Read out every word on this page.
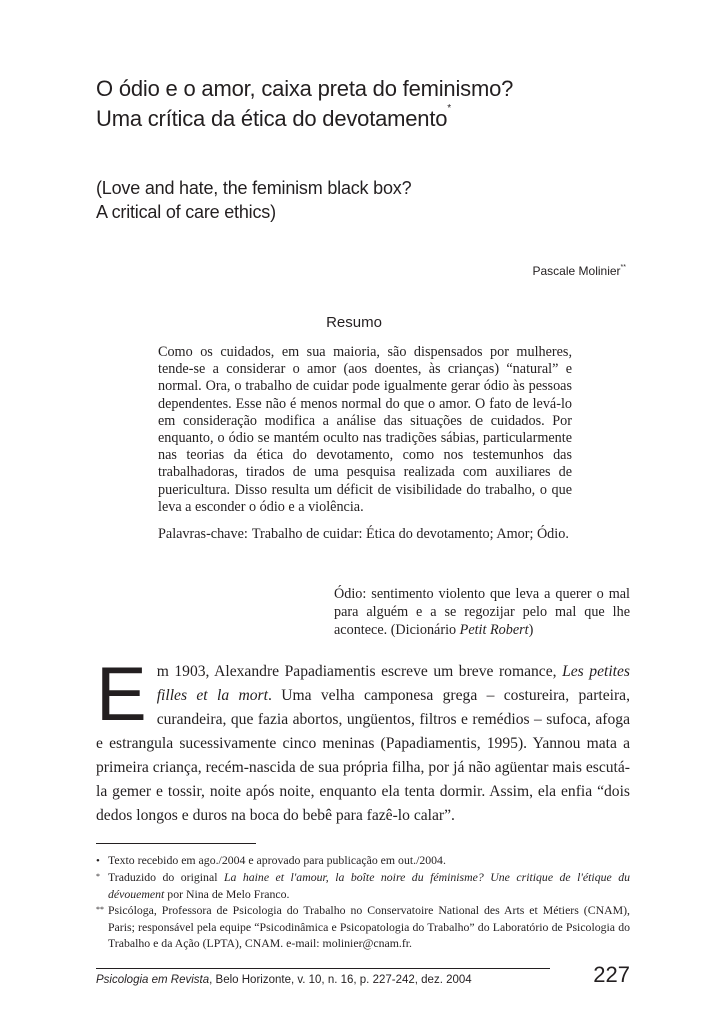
O ódio e o amor, caixa preta do feminismo?
Uma crítica da ética do devotamento*
(Love and hate, the feminism black box?
A critical of care ethics)
Pascale Molinier**
Resumo

Como os cuidados, em sua maioria, são dispensados por mulheres, tende-se a considerar o amor (aos doentes, às crianças) “natural” e normal. Ora, o trabalho de cuidar pode igualmente gerar ódio às pessoas dependentes. Esse não é menos normal do que o amor. O fato de levá-lo em consideração modifica a análise das situações de cuidados. Por enquanto, o ódio se mantém oculto nas tradições sábias, particularmente nas teorias da ética do devotamento, como nos testemunhos das trabalhadoras, tirados de uma pesquisa realizada com auxiliares de puericultura. Disso resulta um déficit de visibilidade do trabalho, o que leva a esconder o ódio e a violência.

Palavras-chave: Trabalho de cuidar: Ética do devotamento; Amor; Ódio.

Ódio: sentimento violento que leva a querer o mal para alguém e a se regozijar pelo mal que lhe acontece. (Dicionário Petit Robert)

Em 1903, Alexandre Papadiamentis escreve um breve romance, Les petites filles et la mort. Uma velha camponesa grega – costureira, parteira, curandeira, que fazia abortos, ungüentos, filtros e remédios – sufoca, afoga e estrangula sucessivamente cinco meninas (Papadiamentis, 1995). Yannou mata a primeira criança, recém-nascida de sua própria filha, por já não agüentar mais escutá-la gemer e tossir, noite após noite, enquanto ela tenta dormir. Assim, ela enfia “dois dedos longos e duros na boca do bebê para fazê-lo calar”.

• Texto recebido em ago./2004 e aprovado para publicação em out./2004.

* Traduzido do original La haine et l'amour, la boîte noire du féminisme? Une critique de l'étique du dévouement por Nina de Melo Franco.

** Psicóloga, Professora de Psicologia do Trabalho no Conservatoire National des Arts et Métiers (CNAM), Paris; responsável pela equipe “Psicodinâmica e Psicopatologia do Trabalho” do Laboratório de Psicologia do Trabalho e da Ação (LPTA), CNAM. e-mail: molinier@cnam.fr.

Psicologia em Revista, Belo Horizonte, v. 10, n. 16, p. 227-242, dez. 2004	227
